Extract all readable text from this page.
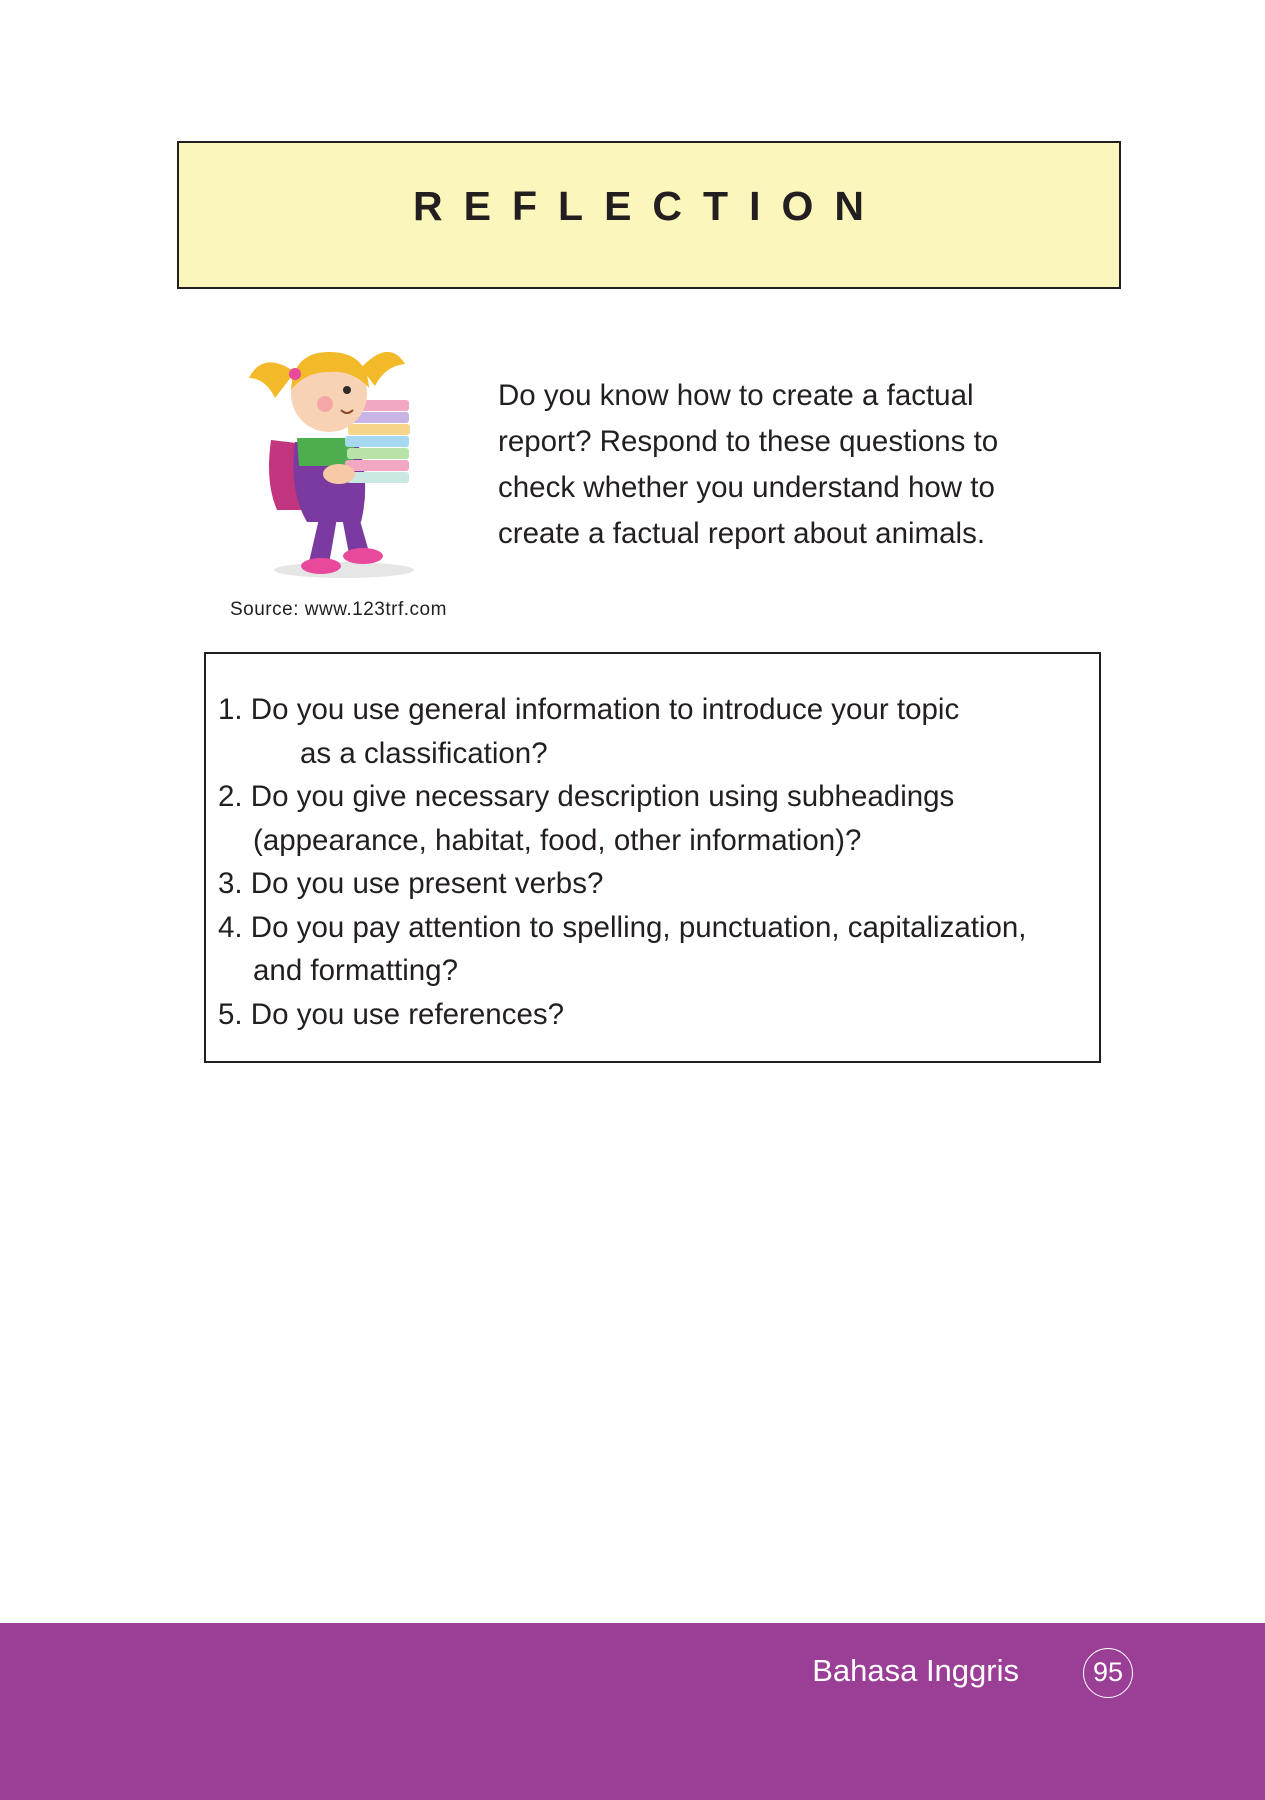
REFLECTION
Source: www.123trf.com
Do you know how to create a factual
report? Respond to these questions to
check whether you understand how to
create a factual report about animals.

1. Do you use general information to introduce your topic
as a classification?

2. Do you give necessary description using subheadings
(appearance, habitat, food, other information)?

3. Do you use present verbs?

4. Do you pay attention to spelling, punctuation, capitalization,
and formatting?

5. Do you use references?

Bahasa Inggris	95
